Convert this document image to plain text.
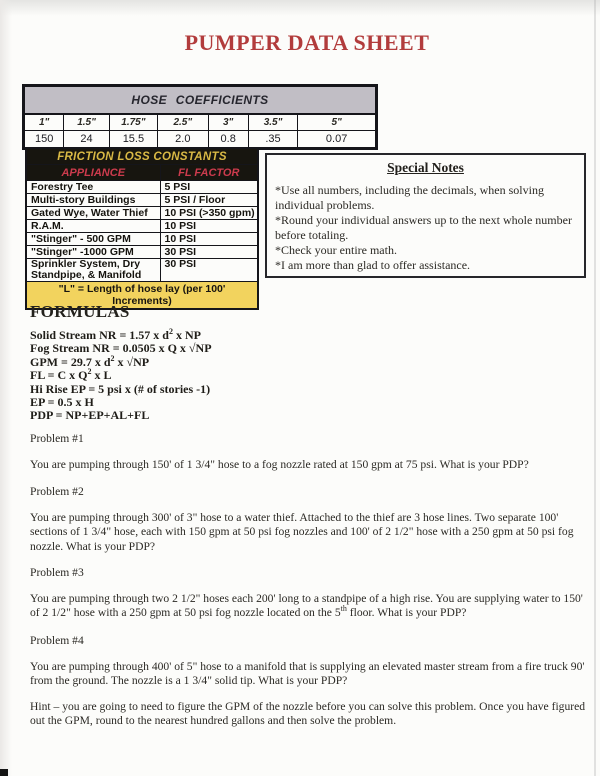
PUMPER DATA SHEET
HOSE COEFFICIENTS						
1"	1.5"	1.75"	2.5"	3"	3.5"	5"
150	24	15.5	2.0	0.8	.35	0.07
FRICTION LOSS CONSTANTS	
APPLIANCE	FL FACTOR
Forestry Tee	5 PSI
Multi-story Buildings	5 PSI / Floor
Gated Wye, Water Thief	10 PSI (>350 gpm)
R.A.M.	10 PSI
"Stinger" - 500 GPM	10 PSI
"Stinger" -1000 GPM	30 PSI
Sprinkler System, Dry Standpipe, & Manifold	30 PSI
"L" = Length of hose lay (per 100' Increments)	
Special Notes
*Use all numbers, including the decimals, when solving individual problems.
*Round your individual answers up to the next whole number before totaling.
*Check your entire math.
*I am more than glad to offer assistance.
FORMULAS
Solid Stream NR = 1.57 x $d^2$ x NP
Fog Stream NR = 0.0505 x Q x √NP
GPM = 29.7 x $d^2$ x √NP
FL = C x $Q^2$ x L
Hi Rise EP = 5 psi x (# of stories -1)
EP = 0.5 x H
PDP = NP+EP+AL+FL
Problem #1
You are pumping through 150' of 1 3/4" hose to a fog nozzle rated at 150 gpm at 75 psi. What is your PDP?
Problem #2
You are pumping through 300' of 3" hose to a water thief. Attached to the thief are 3 hose lines. Two separate 100' sections of 1 3/4" hose, each with 150 gpm at 50 psi fog nozzles and 100' of 2 1/2" hose with a 250 gpm at 50 psi fog nozzle. What is your PDP?
Problem #3
You are pumping through two 2 1/2" hoses each 200' long to a standpipe of a high rise. You are supplying water to 150' of 2 1/2" hose with a 250 gpm at 50 psi fog nozzle located on the 5th floor. What is your PDP?
Problem #4
You are pumping through 400' of 5" hose to a manifold that is supplying an elevated master stream from a fire truck 90' from the ground. The nozzle is a 1 3/4" solid tip. What is your PDP?
Hint – you are going to need to figure the GPM of the nozzle before you can solve this problem. Once you have figured out the GPM, round to the nearest hundred gallons and then solve the problem.
